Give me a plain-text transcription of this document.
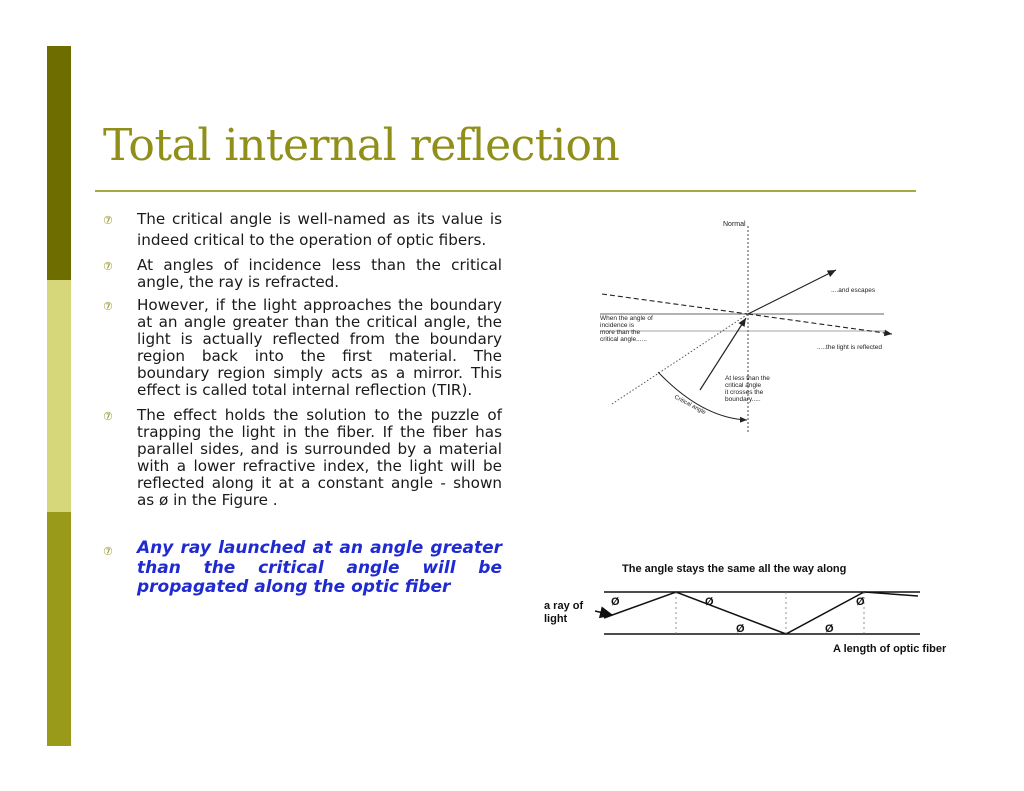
Total internal reflection
⑦ The critical angle is well-named as its value is indeed critical to the operation of optic fibers.
⑦ At angles of incidence less than the critical angle, the ray is refracted.
⑦ However, if the light approaches the boundary at an angle greater than the critical angle, the light is actually reflected from the boundary region back into the first material. The boundary region simply acts as a mirror. This effect is called total internal reflection (TIR).
⑦ The effect holds the solution to the puzzle of trapping the light in the fiber. If the fiber has parallel sides, and is surrounded by a material with a lower refractive index, the light will be reflected along it at a constant angle - shown as ø in the Figure .
⑦ Any ray launched at an angle greater than the critical angle will be propagated along the optic fiber
Normal
....and escapes
.....the light is reflected
Critical angle
When the angle of incidence is more than the critical angle......
At less than the critical angle it crosses the boundary.....
The angle stays the same all the way along
a ray of light
Ø	Ø
Ø	Ø
Ø
A length of optic fiber
